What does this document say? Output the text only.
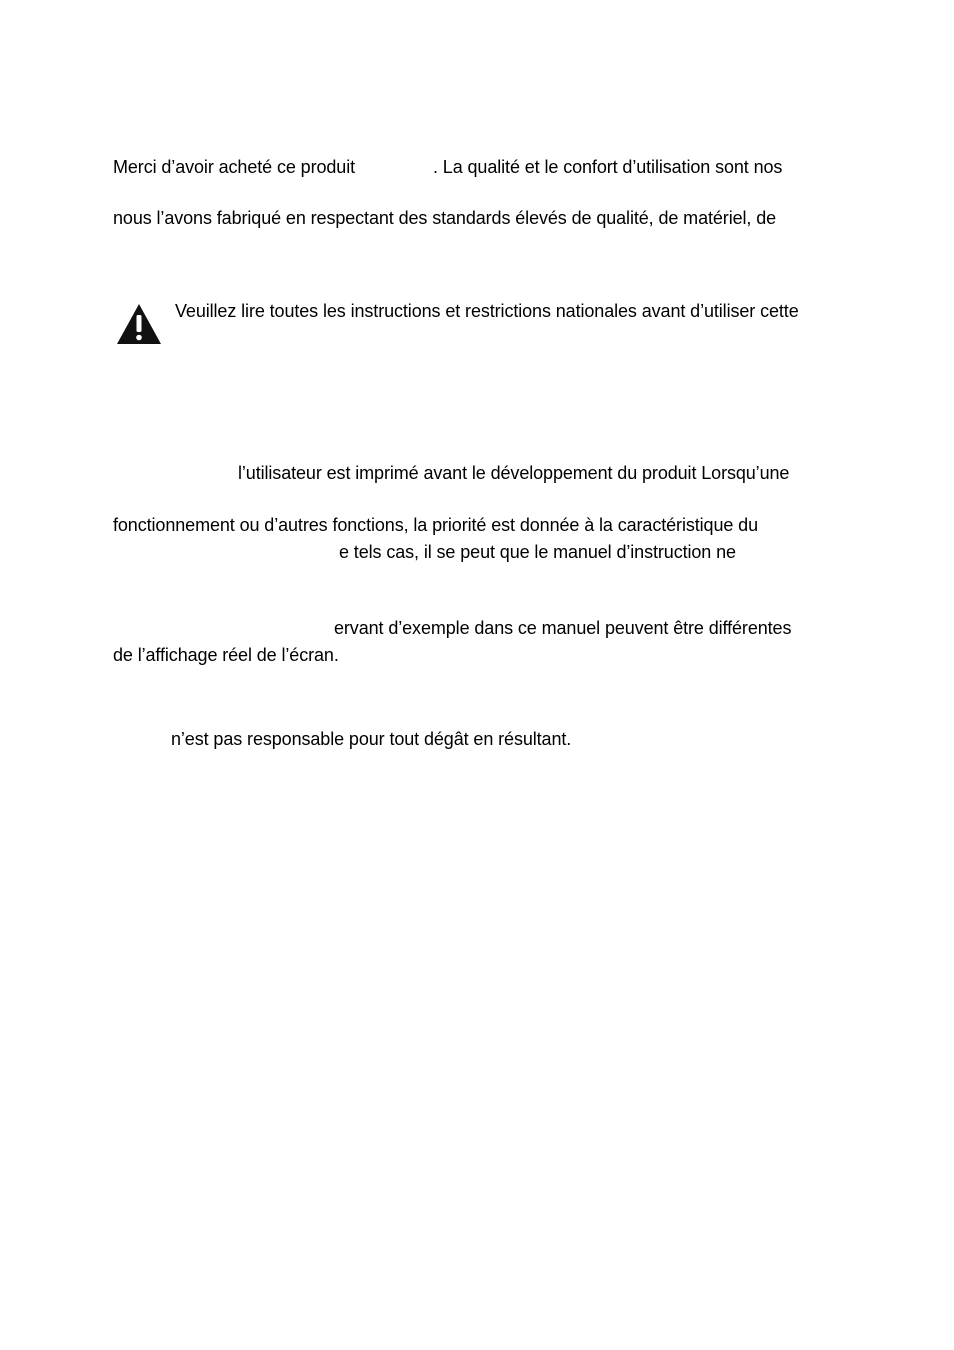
Merci d’avoir acheté ce produit	. La qualité et le confort d’utilisation sont nos
nous l’avons fabriqué en respectant des standards élevés de qualité, de matériel, de
Veuillez lire toutes les instructions et restrictions nationales avant d’utiliser cette
l’utilisateur est imprimé avant le développement du produit Lorsqu’une
fonctionnement ou d’autres fonctions, la priorité est donnée à la caractéristique du
e tels cas, il se peut que le manuel d’instruction ne
ervant d’exemple dans ce manuel peuvent être différentes
de l’affichage réel de l’écran.
n’est pas responsable pour tout dégât en résultant.
